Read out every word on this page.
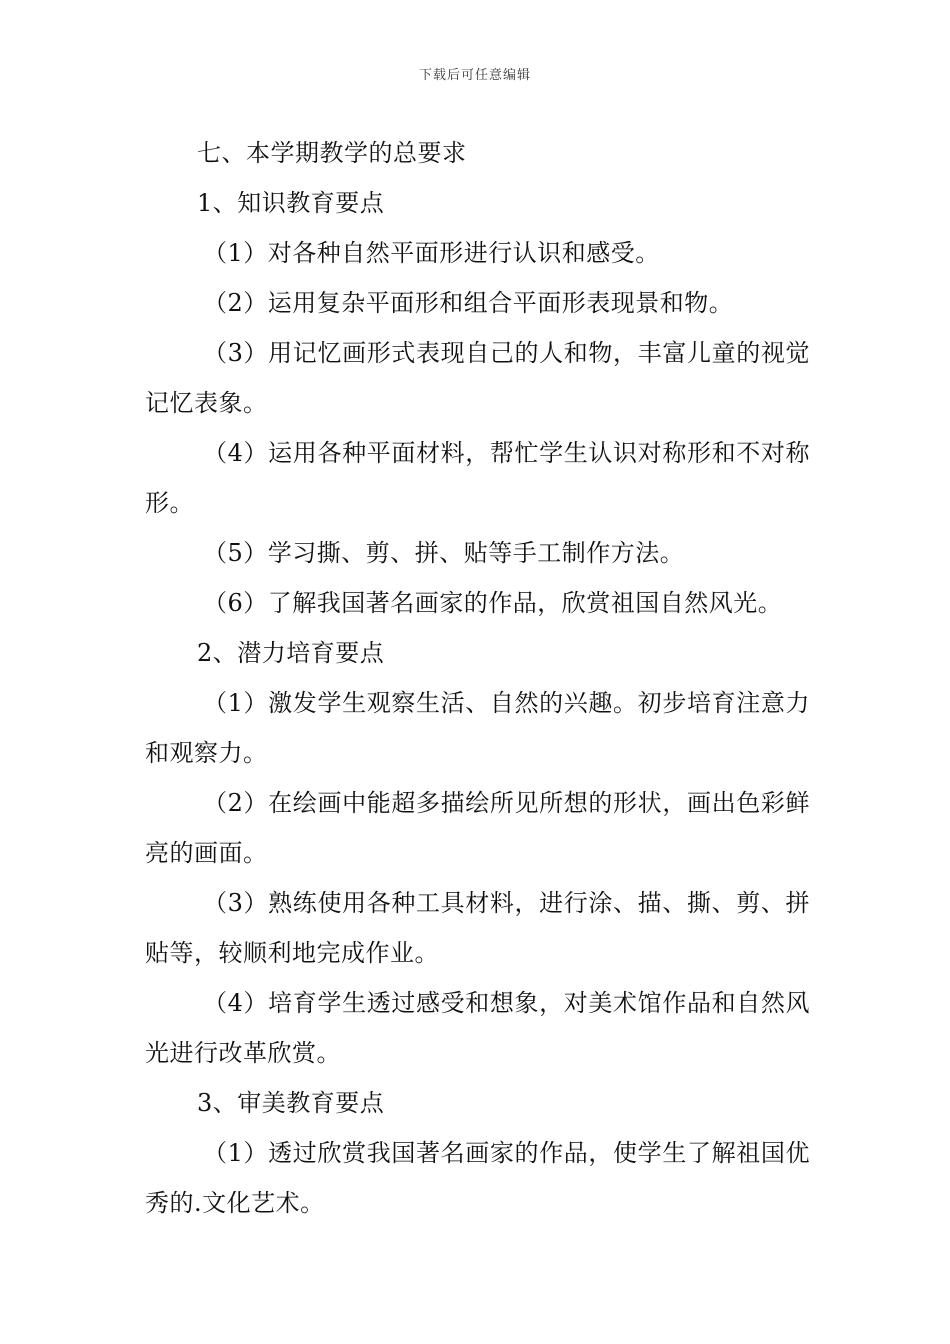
下载后可任意编辑

七、本学期教学的总要求

1、知识教育要点

（1）对各种自然平面形进行认识和感受。

（2）运用复杂平面形和组合平面形表现景和物。

（3）用记忆画形式表现自己的人和物，丰富儿童的视觉记忆表象。

（4）运用各种平面材料，帮忙学生认识对称形和不对称形。

（5）学习撕、剪、拼、贴等手工制作方法。

（6）了解我国著名画家的作品，欣赏祖国自然风光。

2、潜力培育要点

（1）激发学生观察生活、自然的兴趣。初步培育注意力和观察力。

（2）在绘画中能超多描绘所见所想的形状，画出色彩鲜亮的画面。

（3）熟练使用各种工具材料，进行涂、描、撕、剪、拼贴等，较顺利地完成作业。

（4）培育学生透过感受和想象，对美术馆作品和自然风光进行改革欣赏。

3、审美教育要点

（1）透过欣赏我国著名画家的作品，使学生了解祖国优秀的.文化艺术。
